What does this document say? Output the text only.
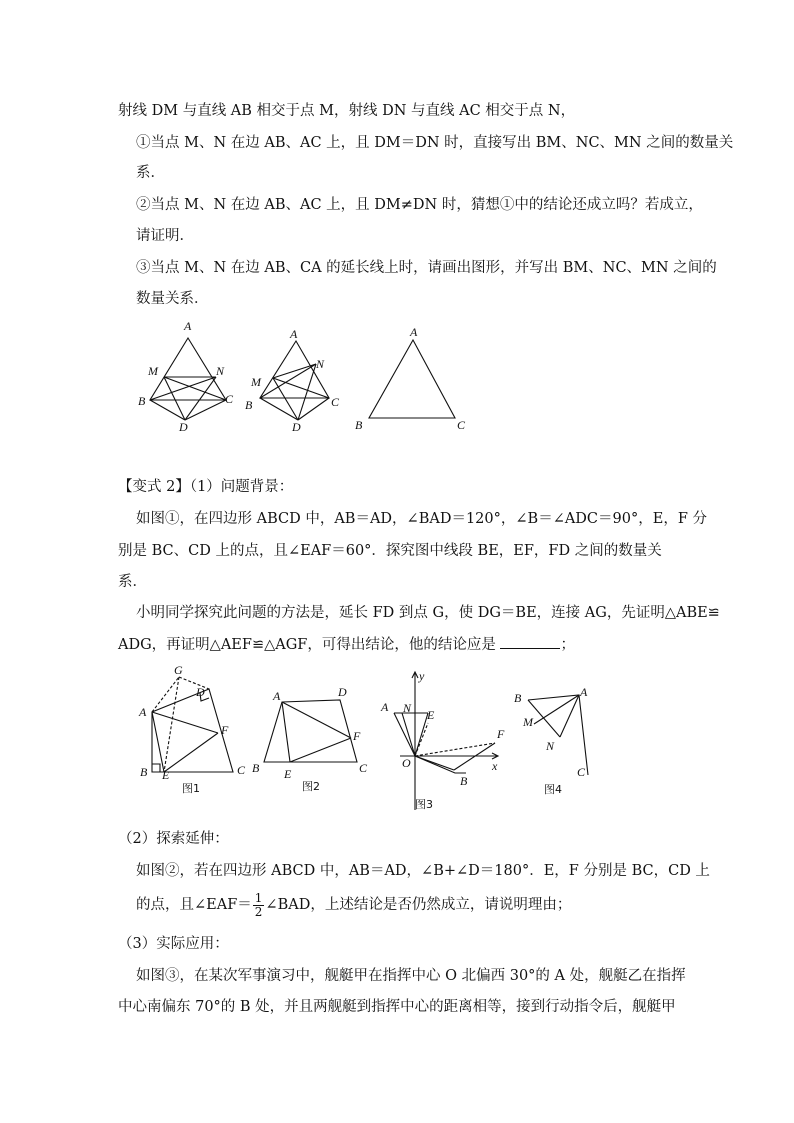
射线 DM 与直线 AB 相交于点 M，射线 DN 与直线 AC 相交于点 N，
①当点 M、N 在边 AB、AC 上，且 DM＝DN 时，直接写出 BM、NC、MN 之间的数量关
系．
②当点 M、N 在边 AB、AC 上，且 DM≠DN 时，猜想①中的结论还成立吗？若成立，
请证明．
③当点 M、N 在边 AB、CA 的延长线上时，请画出图形，并写出 BM、NC、MN 之间的
数量关系．
A
M	N
B	C
D
A
M
N
B	C
D
A
B	C
【变式 2】（1）问题背景：
如图①，在四边形 ABCD 中，AB＝AD，∠BAD＝120°，∠B＝∠ADC＝90°，E，F 分
别是 BC、CD 上的点，且∠EAF＝60°．探究图中线段 BE，EF，FD 之间的数量关
系．
小明同学探究此问题的方法是，延长 FD 到点 G，使 DG＝BE，连接 AG，先证明△ABE≌
ADG，再证明△AEF≌△AGF，可得出结论，他的结论应是	；
G
D
A
F
B E	C
图1
A	D
F
B E	C
图2
y
A N E
F
O	x
B
图3
B	A
M
N
C
图4
（2）探索延伸：
如图②，若在四边形 ABCD 中，AB＝AD，∠B+∠D＝180°．E，F 分别是 BC，CD 上
的点，且∠EAF＝ $\frac{1}{2}$ ∠BAD，上述结论是否仍然成立，请说明理由；
（3）实际应用：
如图③，在某次军事演习中，舰艇甲在指挥中心 O 北偏西 30°的 A 处，舰艇乙在指挥
中心南偏东 70°的 B 处，并且两舰艇到指挥中心的距离相等，接到行动指令后，舰艇甲
